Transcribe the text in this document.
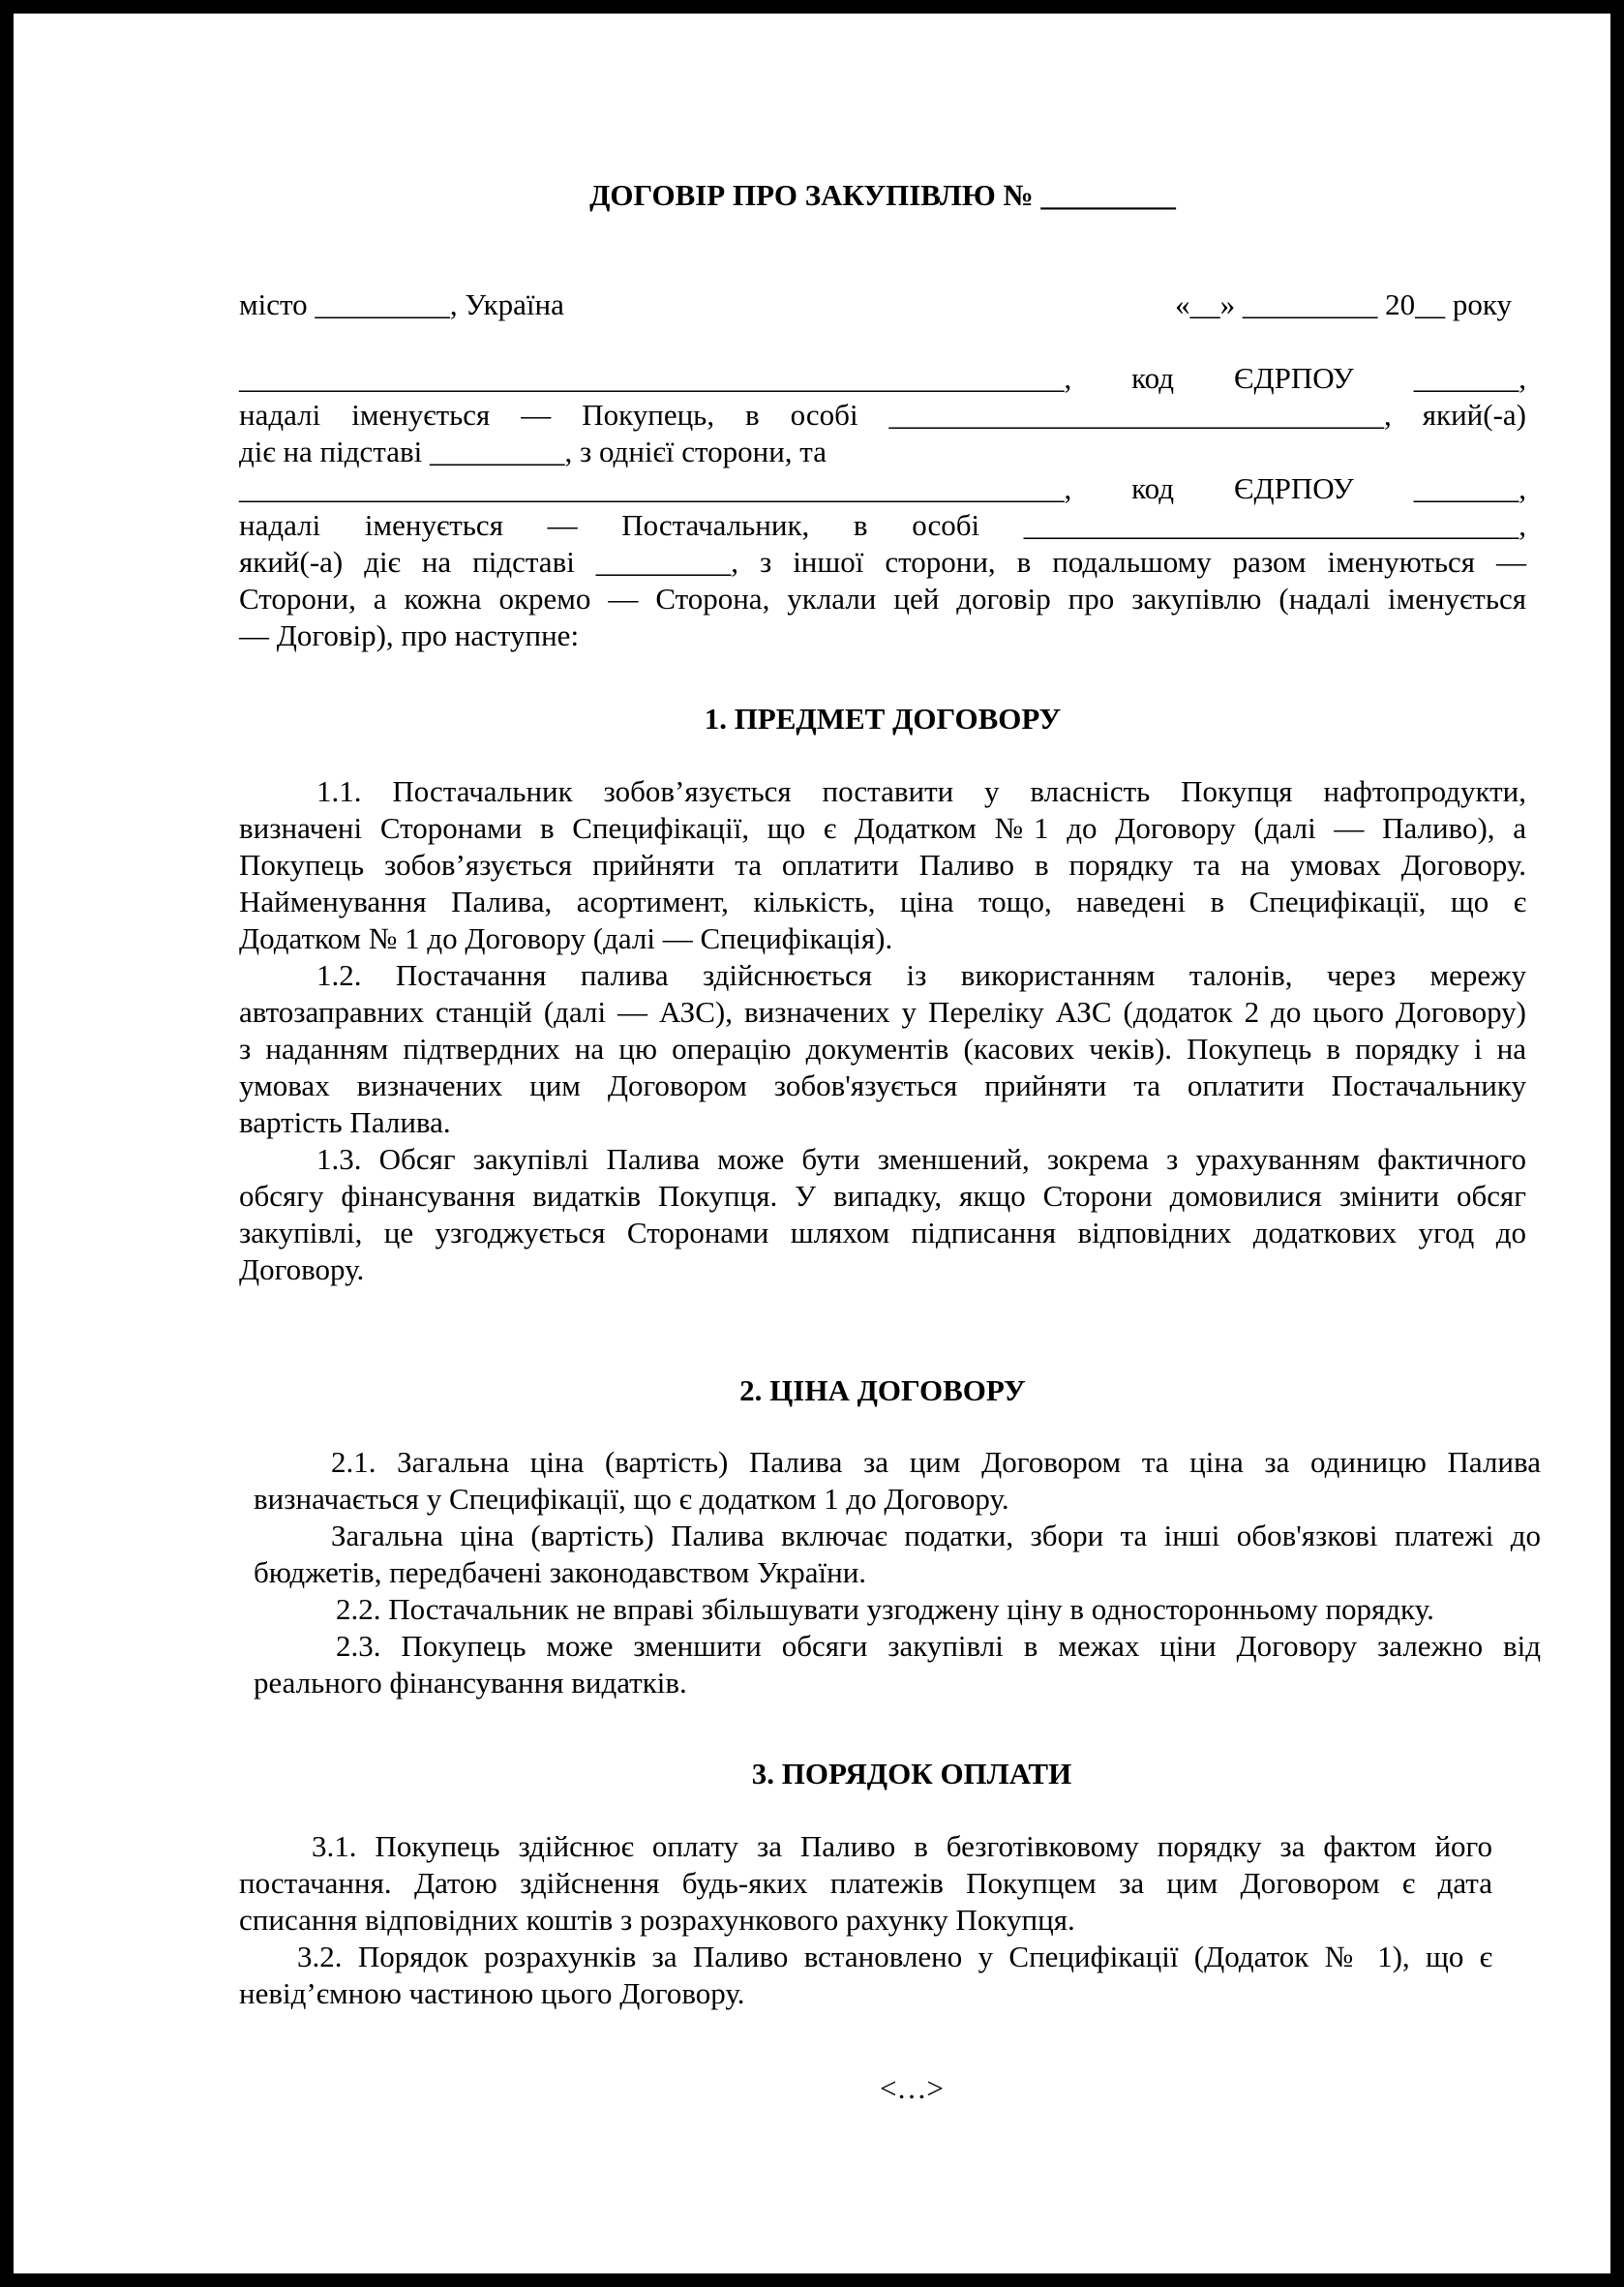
ДОГОВІР ПРО ЗАКУПІВЛЮ № _________
місто _________, Україна	«__» _________ 20__ року
_______________________________________________________, код ЄДРПОУ _______,
надалі іменується — Покупець, в особі _________________________________, який(-а)
діє на підставі _________, з однієї сторони, та
_______________________________________________________, код ЄДРПОУ _______,
надалі іменується — Постачальник, в особі _________________________________,
який(-а) діє на підставі _________, з іншої сторони, в подальшому разом іменуються —
Сторони, а кожна окремо — Сторона, уклали цей договір про закупівлю (надалі іменується
— Договір), про наступне:
1. ПРЕДМЕТ ДОГОВОРУ
1.1. Постачальник зобов’язується поставити у власність Покупця нафтопродукти,
визначені Сторонами в Специфікації, що є Додатком №1 до Договору (далі — Паливо), а
Покупець зобов’язується прийняти та оплатити Паливо в порядку та на умовах Договору.
Найменування Палива, асортимент, кількість, ціна тощо, наведені в Специфікації, що є
Додатком № 1 до Договору (далі — Специфікація).
1.2. Постачання палива здійснюється із використанням талонів, через мережу
автозаправних станцій (далі — АЗС), визначених у Переліку АЗС (додаток 2 до цього Договору)
з наданням підтвердних на цю операцію документів (касових чеків). Покупець в порядку і на
умовах визначених цим Договором зобов'язується прийняти та оплатити Постачальнику
вартість Палива.
1.3. Обсяг закупівлі Палива може бути зменшений, зокрема з урахуванням фактичного
обсягу фінансування видатків Покупця. У випадку, якщо Сторони домовилися змінити обсяг
закупівлі, це узгоджується Сторонами шляхом підписання відповідних додаткових угод до
Договору.
2. ЦІНА ДОГОВОРУ
2.1. Загальна ціна (вартість) Палива за цим Договором та ціна за одиницю Палива
визначається у Специфікації, що є додатком 1 до Договору.
Загальна ціна (вартість) Палива включає податки, збори та інші обов'язкові платежі до
бюджетів, передбачені законодавством України.
2.2. Постачальник не вправі збільшувати узгоджену ціну в односторонньому порядку.
2.3. Покупець може зменшити обсяги закупівлі в межах ціни Договору залежно від
реального фінансування видатків.
3. ПОРЯДОК ОПЛАТИ
3.1. Покупець здійснює оплату за Паливо в безготівковому порядку за фактом його
постачання. Датою здійснення будь-яких платежів Покупцем за цим Договором є дата
списання відповідних коштів з розрахункового рахунку Покупця.
3.2. Порядок розрахунків за Паливо встановлено у Специфікації (Додаток № 1), що є
невід’ємною частиною цього Договору.
<…>
